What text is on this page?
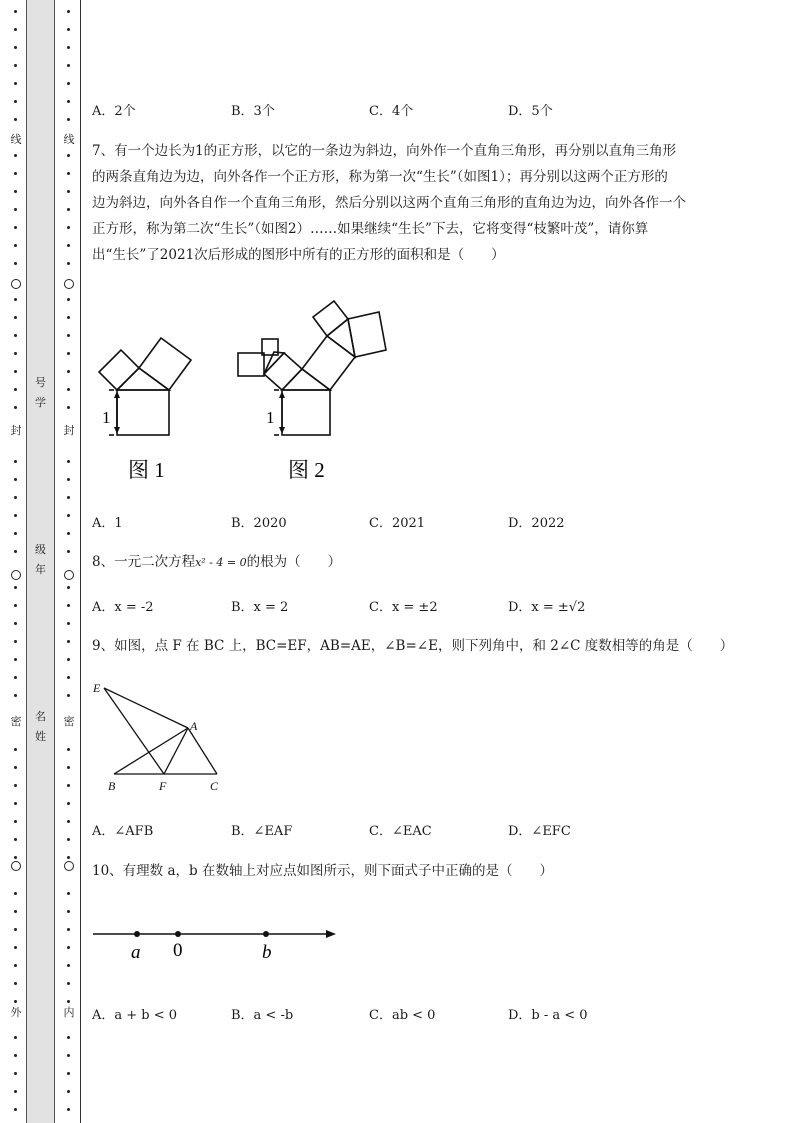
线
封
密
外
号
学
级
年
名
姓
线
封
密
内
A．2个	B．3个	C．4个	D．5个
7、有一个边长为1的正方形，以它的一条边为斜边，向外作一个直角三角形，再分别以直角三角形
的两条直角边为边，向外各作一个正方形，称为第一次“生长”（如图1）；再分别以这两个正方形的
边为斜边，向外各自作一个直角三角形，然后分别以这两个直角三角形的直角边为边，向外各作一个
正方形，称为第二次“生长”（如图2）……如果继续“生长”下去，它将变得“枝繁叶茂”，请你算
出“生长”了2021次后形成的图形中所有的正方形的面积和是（　　）
1	1
图 1	图 2
A．1	B．2020	C．2021	D．2022
8、一元二次方程x² - 4 = 0的根为（　　）
A．x = -2	B．x = 2	C．x = ±2	D．x = ±√2
9、如图，点 F 在 BC 上，BC=EF，AB=AE，∠B=∠E，则下列角中，和 2∠C 度数相等的角是（　　）
E
A
B	F	C
A．∠AFB	B．∠EAF	C．∠EAC	D．∠EFC
10、有理数 a，b 在数轴上对应点如图所示，则下面式子中正确的是（　　）
a 0	b
A．a + b < 0	B．a < -b	C．ab < 0	D．b - a < 0
